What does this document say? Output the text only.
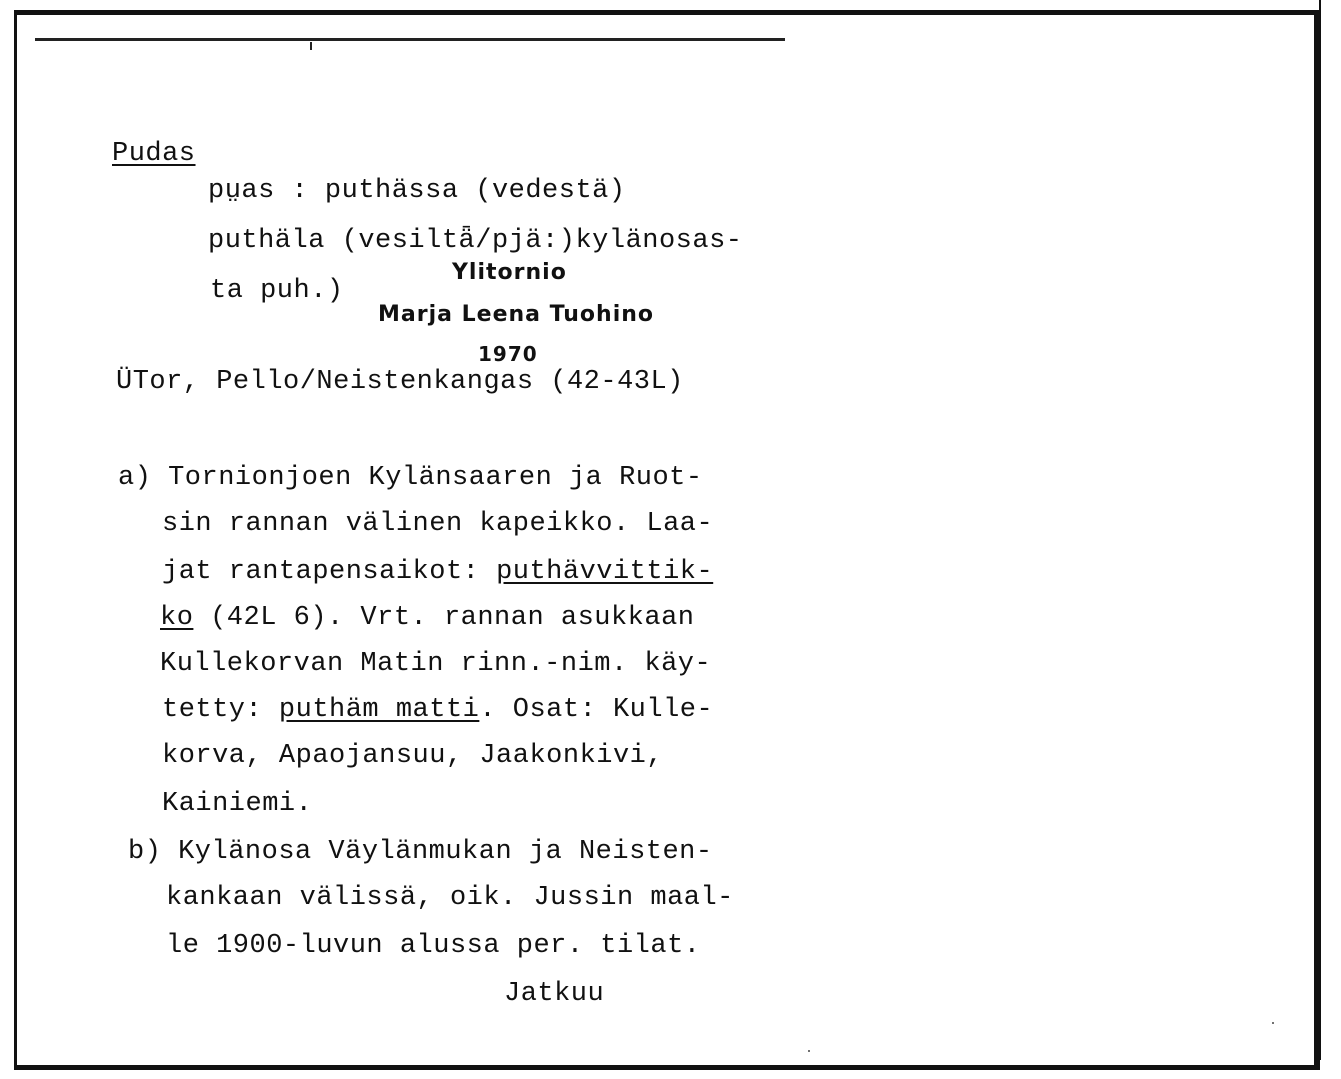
Pudas
pṳas : puthässa (vedestä)
puthäla (vesiltǟ/pjä:)kylänosas-
ta puh.)
Ylitornio
Marja Leena Tuohino
1970
ÜTor, Pello/Neistenkangas (42-43L)
a) Tornionjoen Kylänsaaren ja Ruot-
sin rannan välinen kapeikko. Laa-
jat rantapensaikot: puthävvittik-
ko (42L 6). Vrt. rannan asukkaan
Kullekorvan Matin rinn.-nim. käy-
tetty: puthäm matti. Osat: Kulle-
korva, Apaojansuu, Jaakonkivi,
Kainiemi.
b) Kylänosa Väylänmukan ja Neisten-
kankaan välissä, oik. Jussin maal-
le 1900-luvun alussa per. tilat.
Jatkuu
